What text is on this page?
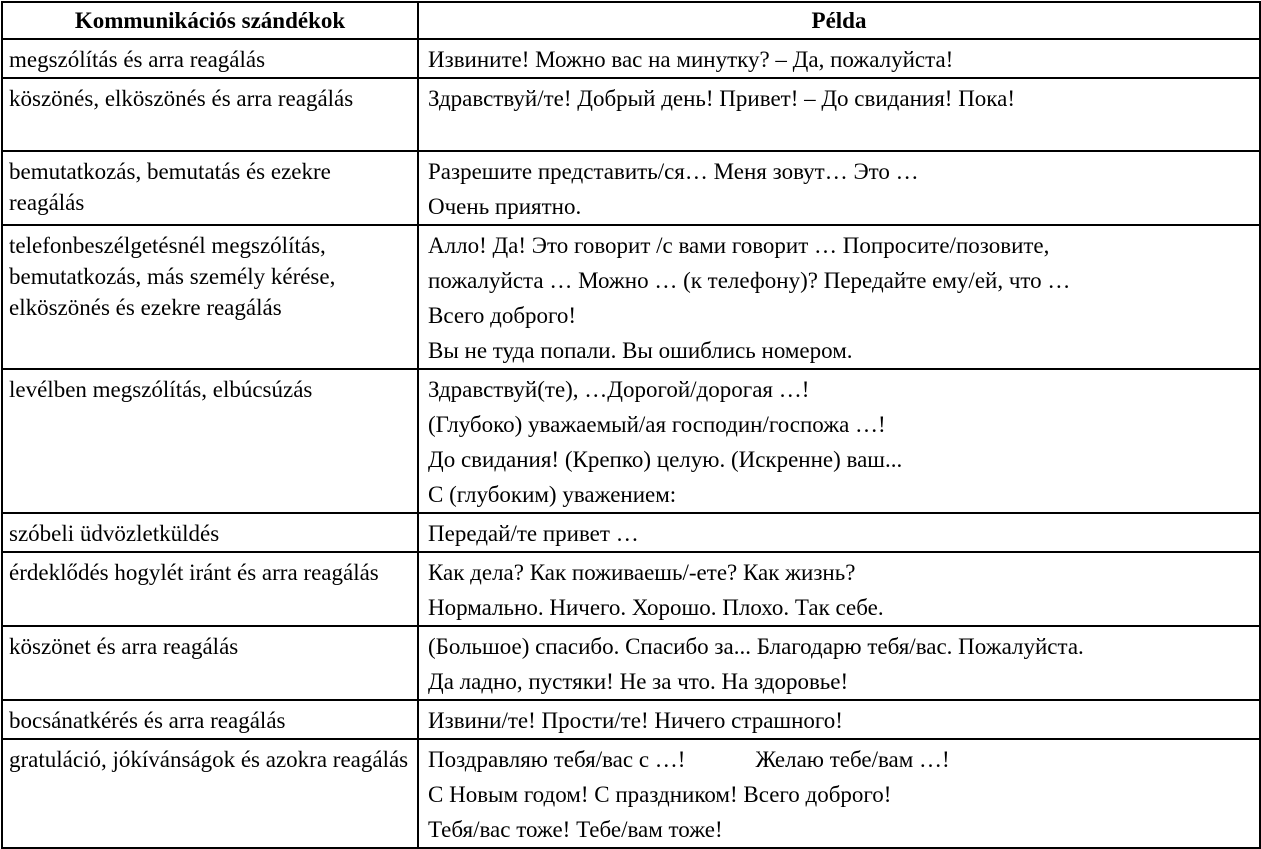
Kommunikációs szándékok	Példa
megszólítás és arra reagálás	Извините! Можно вас на минутку? – Да, пожалуйста!

köszönés, elköszönés és arra reagálás	Здравствуй/те! Добрый день! Привет! – До свидания! Пока!

bemutatkozás, bemutatás és ezekre reagálás	Разрешите представить/ся… Меня зовут… Это …
Очень приятно.

telefonbeszélgetésnél megszólítás, bemutatkozás, más személy kérése, elköszönés és ezekre reagálás	Алло! Да! Это говорит /с вами говорит … Попросите/позовите,
пожалуйста … Можно … (к телефону)? Передайте ему/ей, что …
Всего доброго!
Вы не туда попали. Вы ошиблись номером.

levélben megszólítás, elbúcsúzás	Здравствуй(те), …Дорогой/дорогая …!
(Глубоко) уважаемый/ая господин/госпожа …!
До свидания! (Крепко) целую. (Искренне) ваш...
С (глубоким) уважением:

szóbeli üdvözletküldés	Передай/те привет …

érdeklődés hogylét iránt és arra reagálás	Как дела? Как поживаешь/-ете? Как жизнь?
Нормально. Ничего. Хорошо. Плохо. Так себе.

köszönet és arra reagálás	(Большое) спасибо. Спасибо за... Благодарю тебя/вас. Пожалуйста.
Да ладно, пустяки! Не за что. На здоровье!

bocsánatkérés és arra reagálás	Извини/те! Прости/те! Ничего страшного!

gratuláció, jókívánságok és azokra reagálás	Поздравляю тебя/вас с …! Желаю тебе/вам …!
С Новым годом! С праздником! Всего доброго!
Тебя/вас тоже! Тебе/вам тоже!
